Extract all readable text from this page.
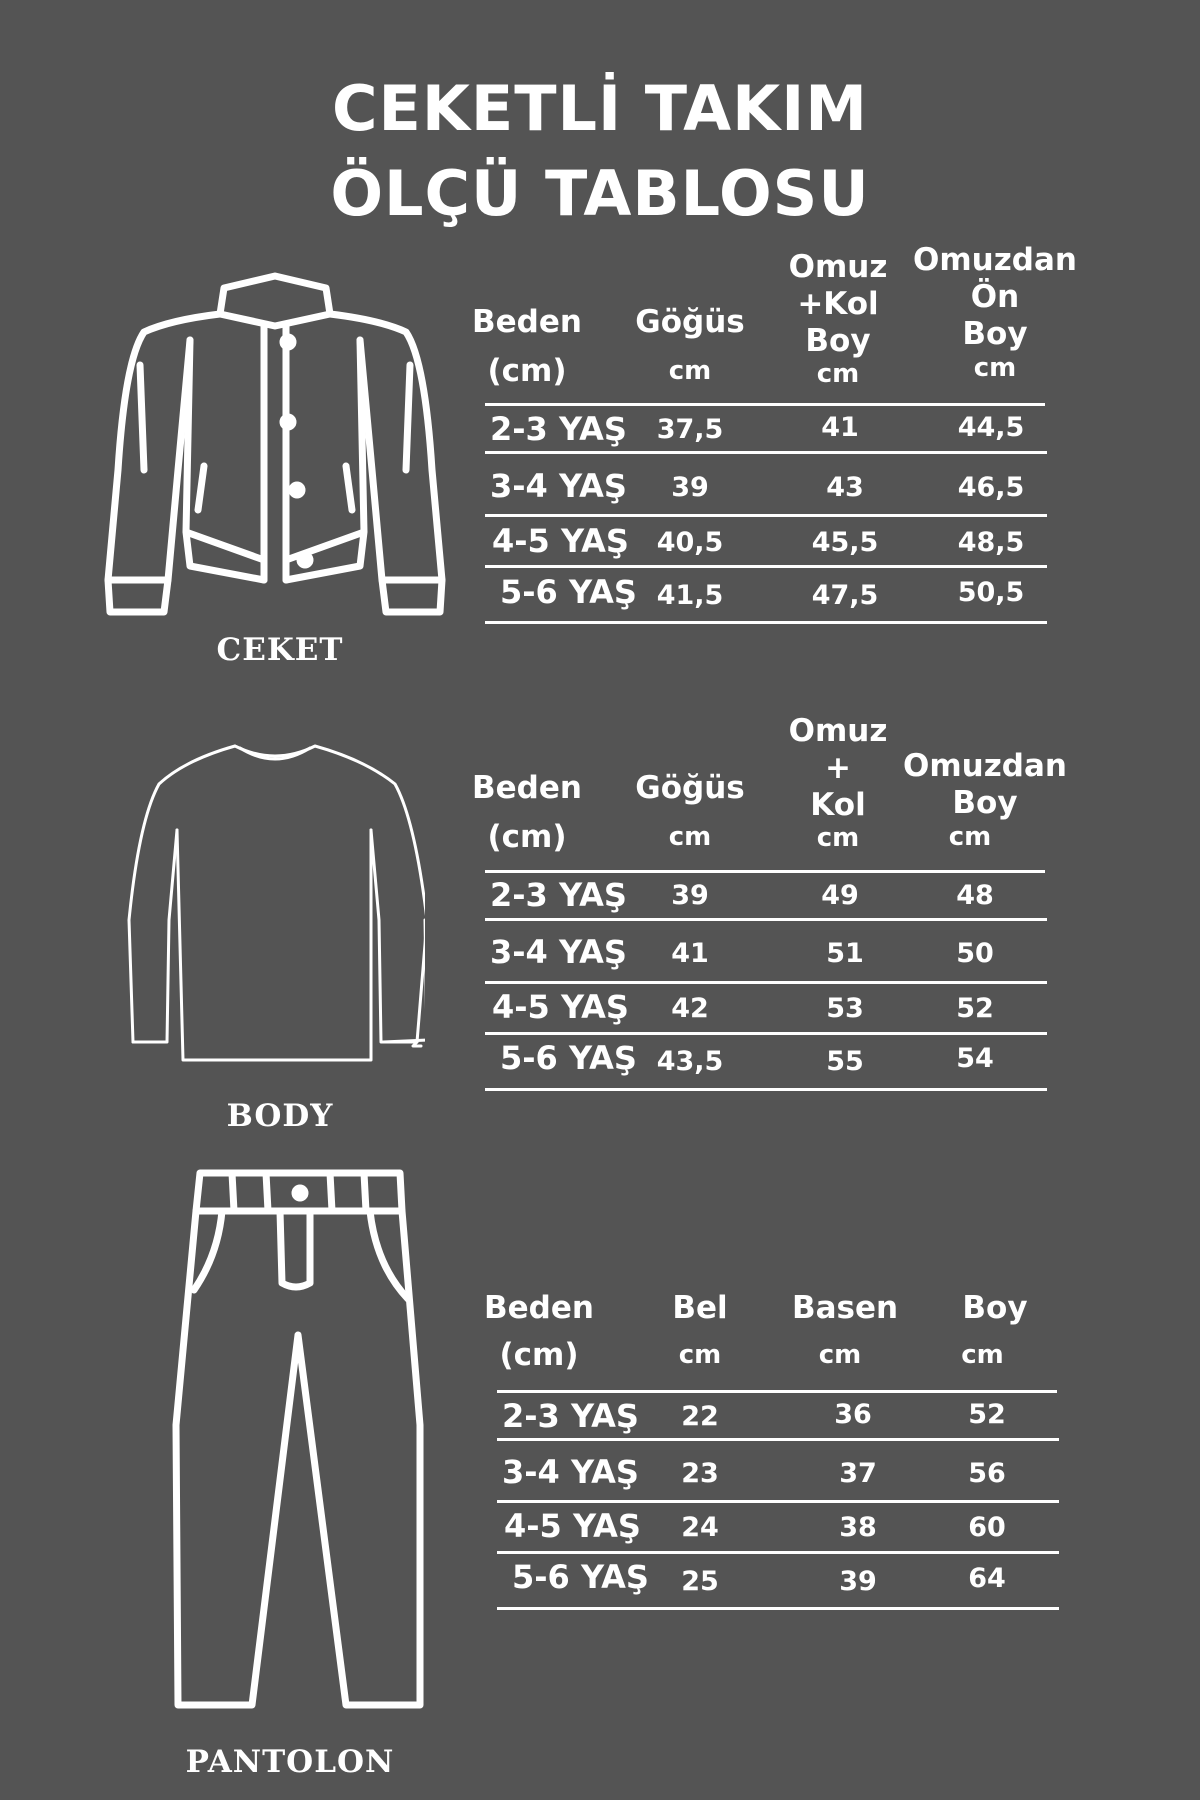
CEKETLİ TAKIM
ÖLÇÜ TABLOSU
CEKET
BODY
PANTOLON
Beden
(cm)
Göğüs
cm
Omuz
+Kol
Boy
cm
Omuzdan
Ön
Boy
cm
2-3 YAŞ	37,5	41	44,5
3-4 YAŞ	39	43	46,5
4-5 YAŞ	40,5	45,5	48,5
5-6 YAŞ 41,5	47,5	50,5
Beden
(cm)
Göğüs
cm
Omuz
+
Kol
cm
Omuzdan
Boy
cm
2-3 YAŞ	39	49	48
3-4 YAŞ	41	51	50
4-5 YAŞ	42	53	52
5-6 YAŞ 43,5	55	54
Beden
(cm)
Bel
cm
Basen
cm
Boy
cm
2-3 YAŞ	22	36	52
3-4 YAŞ	23	37	56
4-5 YAŞ	24	38	60
5-6 YAŞ	25	39	64
